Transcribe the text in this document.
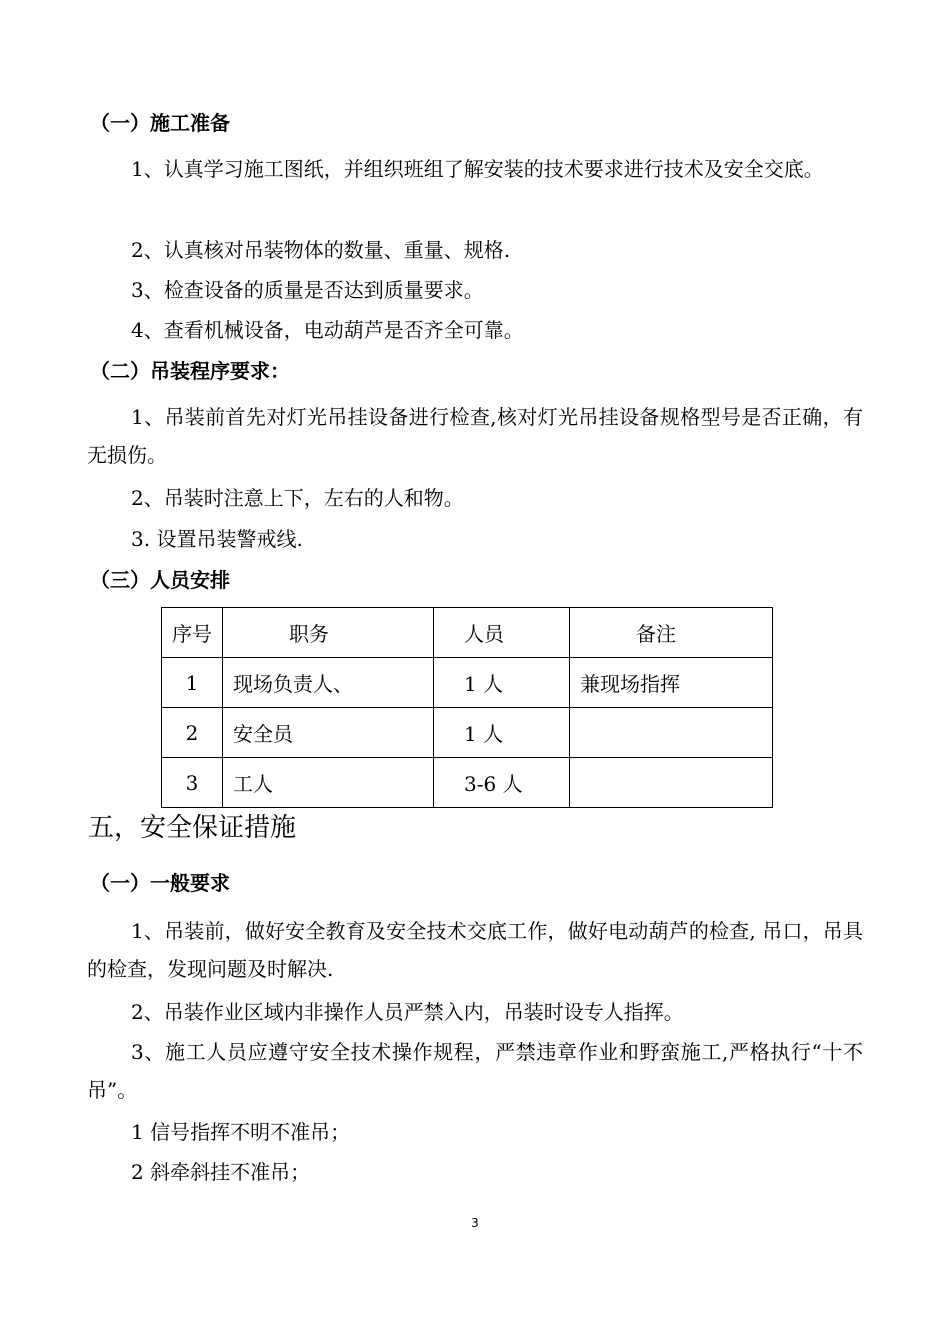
（一）施工准备
1、认真学习施工图纸，并组织班组了解安装的技术要求进行技术及安全交底。
2、认真核对吊装物体的数量、重量、规格.
3、检查设备的质量是否达到质量要求。
4、查看机械设备，电动葫芦是否齐全可靠。
（二）吊装程序要求：
1、吊装前首先对灯光吊挂设备进行检查,核对灯光吊挂设备规格型号是否正确，有无损伤。
2、吊装时注意上下，左右的人和物。
3. 设置吊装警戒线.
（三）人员安排
序号	职务	人员	备注
1	现场负责人、	1 人	兼现场指挥
2	安全员	1 人	
3	工人	3-6 人	
五，安全保证措施
（一）一般要求
1、吊装前，做好安全教育及安全技术交底工作，做好电动葫芦的检查, 吊口，吊具的检查，发现问题及时解决.
2、吊装作业区域内非操作人员严禁入内，吊装时设专人指挥。
3、施工人员应遵守安全技术操作规程，严禁违章作业和野蛮施工,严格执行“十不吊”。
1 信号指挥不明不准吊；
2 斜牵斜挂不准吊；
3
